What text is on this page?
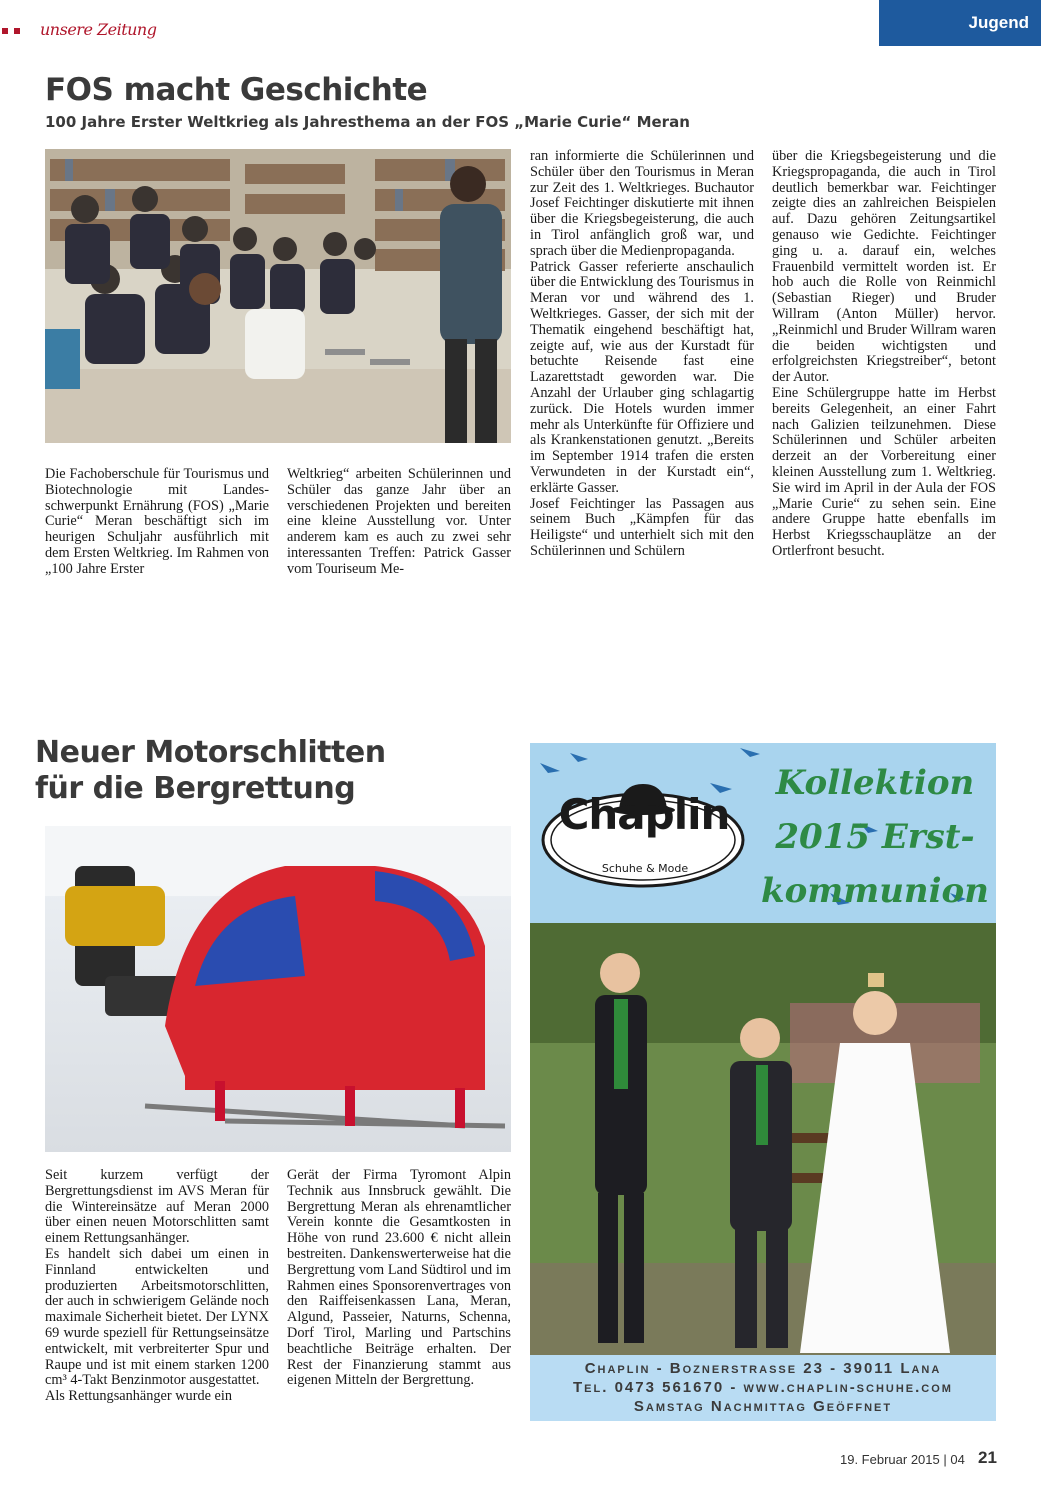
unsere Zeitung	Jugend
FOS macht Geschichte
100 Jahre Erster Weltkrieg als Jahresthema an der FOS „Marie Curie“ Meran

Die Fachoberschule für Tourismus und Biotechnologie mit Landesschwerpunkt Ernährung (FOS) „Marie Curie“ Meran beschäftigt sich im heurigen Schuljahr ausführlich mit dem Ersten Weltkrieg. Im Rahmen von „100 Jahre Erster

Weltkrieg“ arbeiten Schülerinnen und Schüler das ganze Jahr über an verschiedenen Projekten und bereiten eine kleine Ausstellung vor. Unter anderem kam es auch zu zwei sehr interessanten Treffen: Patrick Gasser vom Touriseum Me-

ran informierte die Schülerinnen und Schüler über den Tourismus in Meran zur Zeit des 1. Weltkrieges. Buchautor Josef Feichtinger diskutierte mit ihnen über die Kriegsbegeisterung, die auch in Tirol anfänglich groß war, und sprach über die Medienpropaganda.

Patrick Gasser referierte anschaulich über die Entwicklung des Tourismus in Meran vor und während des 1. Weltkrieges. Gasser, der sich mit der Thematik eingehend beschäftigt hat, zeigte auf, wie aus der Kurstadt für betuchte Reisende fast eine Lazarettstadt geworden war. Die Anzahl der Urlauber ging schlagartig zurück. Die Hotels wurden immer mehr als Unterkünfte für Offiziere und als Krankenstationen genutzt. „Bereits im September 1914 trafen die ersten Verwundeten in der Kurstadt ein“, erklärte Gasser.

Josef Feichtinger las Passagen aus seinem Buch „Kämpfen für das Heiligste“ und unterhielt sich mit den Schülerinnen und Schülern

über die Kriegsbegeisterung und die Kriegspropaganda, die auch in Tirol deutlich bemerkbar war. Feichtinger zeigte dies an zahlreichen Beispielen auf. Dazu gehören Zeitungsartikel genauso wie Gedichte. Feichtinger ging u. a. darauf ein, welches Frauenbild vermittelt worden ist. Er hob auch die Rolle von Reinmichl (Sebastian Rieger) und Bruder Willram (Anton Müller) hervor. „Reinmichl und Bruder Willram waren die beiden wichtigsten und erfolgreichsten Kriegstreiber“, betont der Autor.

Eine Schülergruppe hatte im Herbst bereits Gelegenheit, an einer Fahrt nach Galizien teilzunehmen. Diese Schülerinnen und Schüler arbeiten derzeit an der Vorbereitung einer kleinen Ausstellung zum 1. Weltkrieg. Sie wird im April in der Aula der FOS „Marie Curie“ zu sehen sein. Eine andere Gruppe hatte ebenfalls im Herbst Kriegsschauplätze an der Ortlerfront besucht.

Neuer Motorschlitten
für die Bergrettung

Seit kurzem verfügt der Bergrettungsdienst im AVS Meran für die Wintereinsätze auf Meran 2000 über einen neuen Motorschlitten samt einem Rettungsanhänger.

Es handelt sich dabei um einen in Finnland entwickelten und produzierten Arbeitsmotorschlitten, der auch in schwierigem Gelände noch maximale Sicherheit bietet. Der LYNX 69 wurde speziell für Rettungseinsätze entwickelt, mit verbreiterter Spur und Raupe und ist mit einem starken 1200 cm³ 4-Takt Benzinmotor ausgestattet.

Als Rettungsanhänger wurde ein

Gerät der Firma Tyromont Alpin Technik aus Innsbruck gewählt. Die Bergrettung Meran als ehrenamtlicher Verein konnte die Gesamtkosten in Höhe von rund 23.600 € nicht allein bestreiten. Dankenswerterweise hat die Bergrettung vom Land Südtirol und im Rahmen eines Sponsorenvertrages von den Raiffeisenkassen Lana, Meran, Algund, Passeier, Naturns, Schenna, Dorf Tirol, Marling und Partschins beachtliche Beiträge erhalten. Der Rest der Finanzierung stammt aus eigenen Mitteln der Bergrettung.

Chaplin
Schuhe & Mode
Kollektion
2015 Erst-
kommunion
Chaplin - Boznerstrasse 23 - 39011 Lana
Tel. 0473 561670 - www.chaplin-schuhe.com
Samstag Nachmittag Geöffnet
19. Februar 2015 | 04 21
